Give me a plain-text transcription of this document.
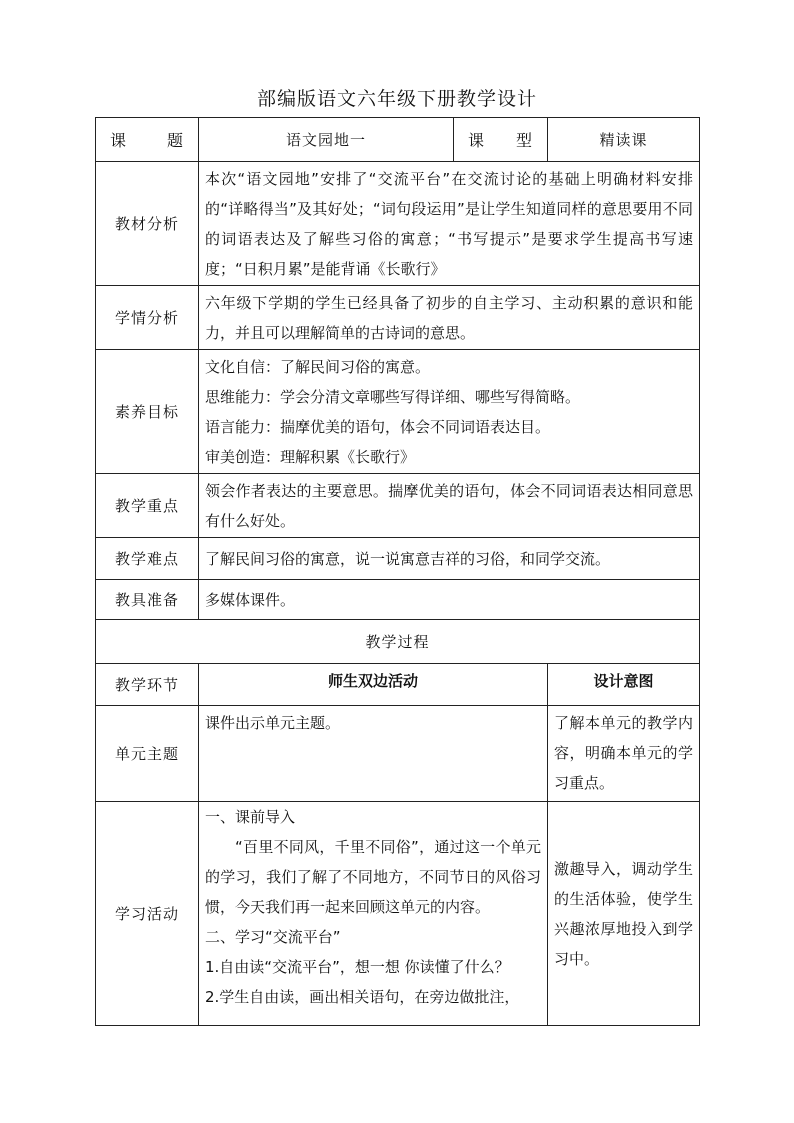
部编版语文六年级下册教学设计
课 题	语文园地一	课 型	精读课
教材分析	本次“语文园地”安排了“交流平台”在交流讨论的基础上明确材料安排的“详略得当”及其好处；“词句段运用”是让学生知道同样的意思要用不同的词语表达及了解些习俗的寓意；“书写提示”是要求学生提高书写速度；“日积月累”是能背诵《长歌行》		
学情分析	六年级下学期的学生已经具备了初步的自主学习、主动积累的意识和能力，并且可以理解简单的古诗词的意思。		
素养目标	文化自信：了解民间习俗的寓意。

思维能力：学会分清文章哪些写得详细、哪些写得简略。

语言能力：揣摩优美的语句，体会不同词语表达目。

审美创造：理解积累《长歌行》		

教学重点	领会作者表达的主要意思。揣摩优美的语句，体会不同词语表达相同意思有什么好处。		
教学难点	了解民间习俗的寓意，说一说寓意吉祥的习俗，和同学交流。		
教具准备	多媒体课件。		
教学过程			
教学环节	师生双边活动		设计意图
单元主题	课件出示单元主题。		了解本单元的教学内容，明确本单元的学习重点。
学习活动	一、课前导入

“百里不同风，千里不同俗”，通过这一个单元的学习，我们了解了不同地方，不同节日的风俗习惯，今天我们再一起来回顾这单元的内容。

二、学习“交流平台”

1.自由读“交流平台”，想一想 你读懂了什么？

2.学生自由读，画出相关语句，在旁边做批注，		激趣导入，调动学生的生活体验，使学生兴趣浓厚地投入到学习中。
